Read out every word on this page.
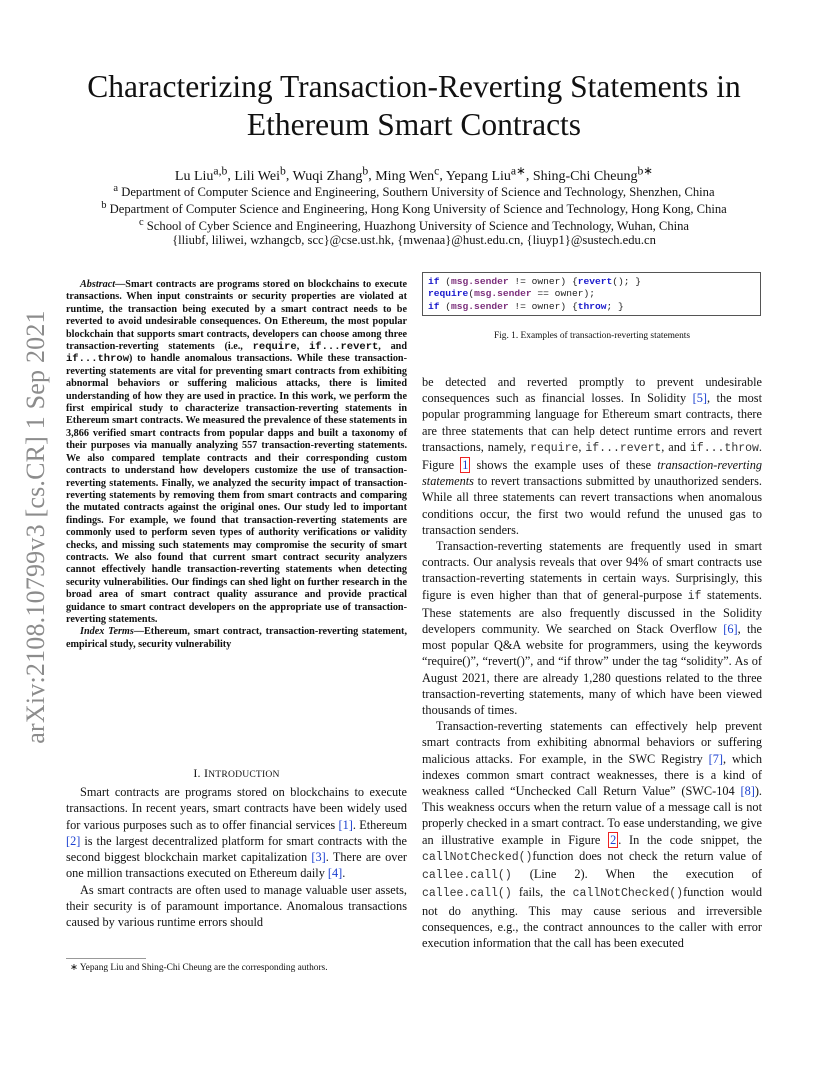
arXiv:2108.10799v3 [cs.CR] 1 Sep 2021
Characterizing Transaction-Reverting Statements in
Ethereum Smart Contracts
Lu Liu$^{a,b}$, Lili Wei$^b$, Wuqi Zhang$^b$, Ming Wen$^c$, Yepang Liu$^{a∗}$, Shing-Chi Cheung$^{b∗}$
$^a$ Department of Computer Science and Engineering, Southern University of Science and Technology, Shenzhen, China
$^b$ Department of Computer Science and Engineering, Hong Kong University of Science and Technology, Hong Kong, China
$^c$ School of Cyber Science and Engineering, Huazhong University of Science and Technology, Wuhan, China
{lliubf, liliwei, wzhangcb, scc}@cse.ust.hk, {mwenaa}@hust.edu.cn, {liuyp1}@sustech.edu.cn

Abstract—Smart contracts are programs stored on blockchains to execute transactions. When input constraints or security properties are violated at runtime, the transaction being executed by a smart contract needs to be reverted to avoid undesirable consequences. On Ethereum, the most popular blockchain that supports smart contracts, developers can choose among three transaction-reverting statements (i.e., require, if...revert, and if...throw) to handle anomalous transactions. While these transaction-reverting statements are vital for preventing smart contracts from exhibiting abnormal behaviors or suffering malicious attacks, there is limited understanding of how they are used in practice. In this work, we perform the first empirical study to characterize transaction-reverting statements in Ethereum smart contracts. We measured the prevalence of these statements in 3,866 verified smart contracts from popular dapps and built a taxonomy of their purposes via manually analyzing 557 transaction-reverting statements. We also compared template contracts and their corresponding custom contracts to understand how developers customize the use of transaction-reverting statements. Finally, we analyzed the security impact of transaction-reverting statements by removing them from smart contracts and comparing the mutated contracts against the original ones. Our study led to important findings. For example, we found that transaction-reverting statements are commonly used to perform seven types of authority verifications or validity checks, and missing such statements may compromise the security of smart contracts. We also found that current smart contract security analyzers cannot effectively handle transaction-reverting statements when detecting security vulnerabilities. Our findings can shed light on further research in the broad area of smart contract quality assurance and provide practical guidance to smart contract developers on the appropriate use of transaction-reverting statements.

Index Terms—Ethereum, smart contract, transaction-reverting statement, empirical study, security vulnerability

I. INTRODUCTION

Smart contracts are programs stored on blockchains to execute transactions. In recent years, smart contracts have been widely used for various purposes such as to offer financial services [1]. Ethereum [2] is the largest decentralized platform for smart contracts with the second biggest blockchain market capitalization [3]. There are over one million transactions executed on Ethereum daily [4].

As smart contracts are often used to manage valuable user assets, their security is of paramount importance. Anomalous transactions caused by various runtime errors should

∗ Yepang Liu and Shing-Chi Cheung are the corresponding authors.
if (msg.sender != owner) {revert(); }
require(msg.sender == owner);
if (msg.sender != owner) {throw; }
Fig. 1. Examples of transaction-reverting statements

be detected and reverted promptly to prevent undesirable consequences such as financial losses. In Solidity [5], the most popular programming language for Ethereum smart contracts, there are three statements that can help detect runtime errors and revert transactions, namely, require, if...revert, and if...throw. Figure 1 shows the example uses of these transaction-reverting statements to revert transactions submitted by unauthorized senders. While all three statements can revert transactions when anomalous conditions occur, the first two would refund the unused gas to transaction senders.

Transaction-reverting statements are frequently used in smart contracts. Our analysis reveals that over 94% of smart contracts use transaction-reverting statements in certain ways. Surprisingly, this figure is even higher than that of general-purpose if statements. These statements are also frequently discussed in the Solidity developers community. We searched on Stack Overflow [6], the most popular Q&A website for programmers, using the keywords “require()”, “revert()”, and “if throw” under the tag “solidity”. As of August 2021, there are already 1,280 questions related to the three transaction-reverting statements, many of which have been viewed thousands of times.

Transaction-reverting statements can effectively help prevent smart contracts from exhibiting abnormal behaviors or suffering malicious attacks. For example, in the SWC Registry [7], which indexes common smart contract weaknesses, there is a kind of weakness called “Unchecked Call Return Value” (SWC-104 [8]). This weakness occurs when the return value of a message call is not properly checked in a smart contract. To ease understanding, we give an illustrative example in Figure 2 . In the code snippet, the callNotChecked()function does not check the return value of callee.call() (Line 2). When the execution of callee.call() fails, the callNotChecked()function would not do anything. This may cause serious and irreversible consequences, e.g., the contract announces to the caller with error execution information that the call has been executed
